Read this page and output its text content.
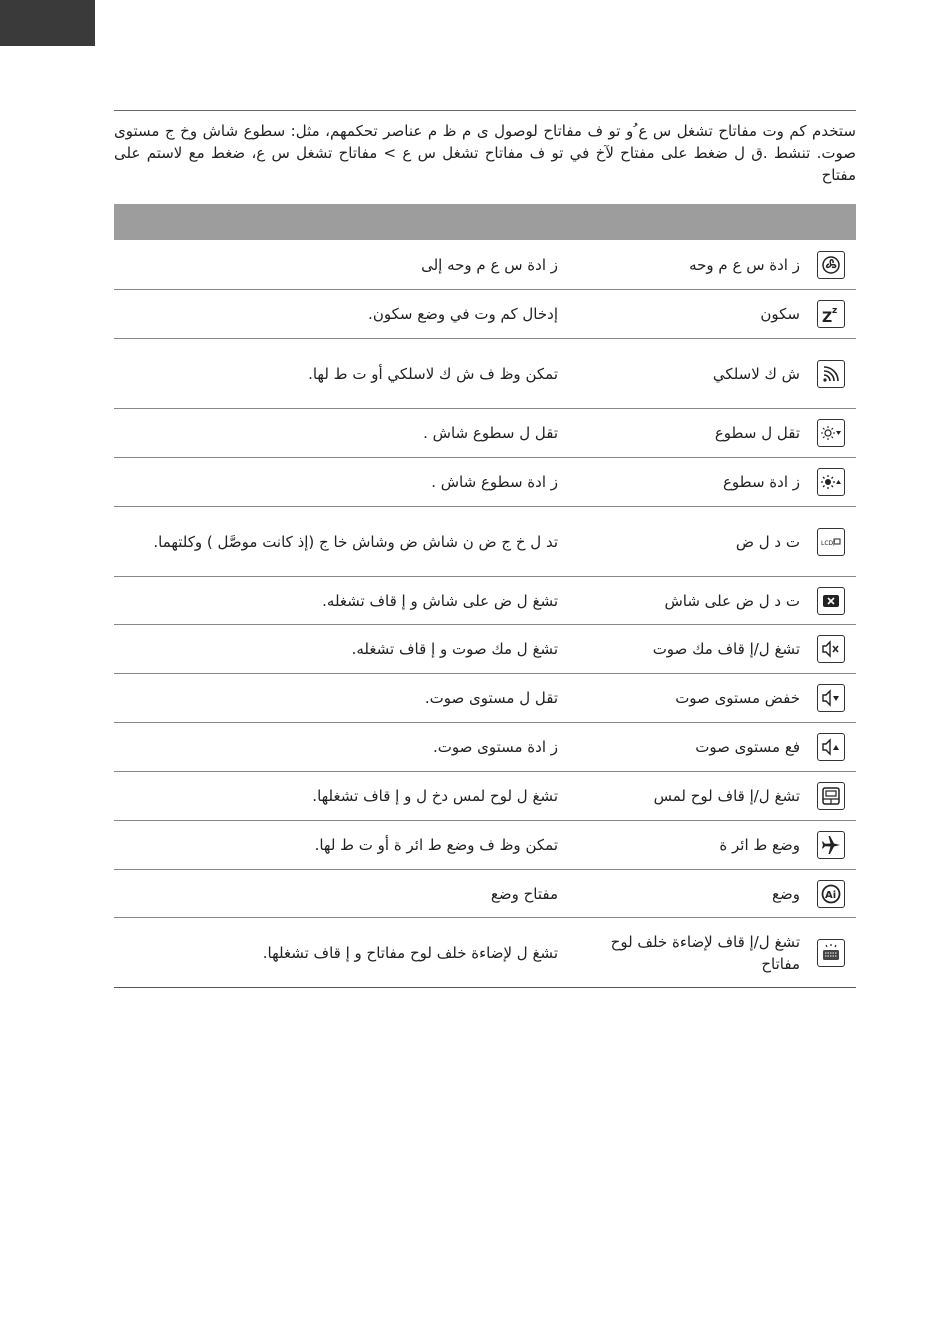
ستخدم كم وت مفاتاح تشغل س ع ُو تو ف مفاتاح لوصول ى م ظ م عناصر تحكمهم، مثل: سطوع شاش وخ ج مستوى صوت. تنشط .ق ل ضغط على مفتاح لآخ في تو ف مفاتاح تشغل س ع > مفاتاح تشغل س ع، ضغط مع لاستم على مفتاح

ز ادة س ع م وحه
ز ادة س ع م وحه إلى
Z z
سكون
إدخال كم وت في وضع سكون.
ش ك لاسلكي
تمكن وظ ف ش ك لاسلكي أو ت ط لها.
تقل ل سطوع
تقل ل سطوع شاش .
ز ادة سطوع
ز ادة سطوع شاش .
LCD/
ت د ل ض
تد ل خ ج ض ن شاش ض وشاش خا ج (إذ كانت موصَّل ) وكلتهما.
ت د ل ض على شاش
تشغ ل ض على شاش و إ قاف تشغله.
تشغ ل/إ قاف مك صوت
تشغ ل مك صوت و إ قاف تشغله.
خفض مستوى صوت
تقل ل مستوى صوت.
فع مستوى صوت
ز ادة مستوى صوت.
تشغ ل/إ قاف لوح لمس
تشغ ل لوح لمس دخ ل و إ قاف تشغلها.
وضع ط ائر ة
تمكن وظ ف وضع ط ائر ة أو ت ط لها.
Ai
وضع
مفتاح وضع
تشغ ل/إ قاف لإضاءة خلف لوح مفاتاح
تشغ ل لإضاءة خلف لوح مفاتاح و إ قاف تشغلها.
